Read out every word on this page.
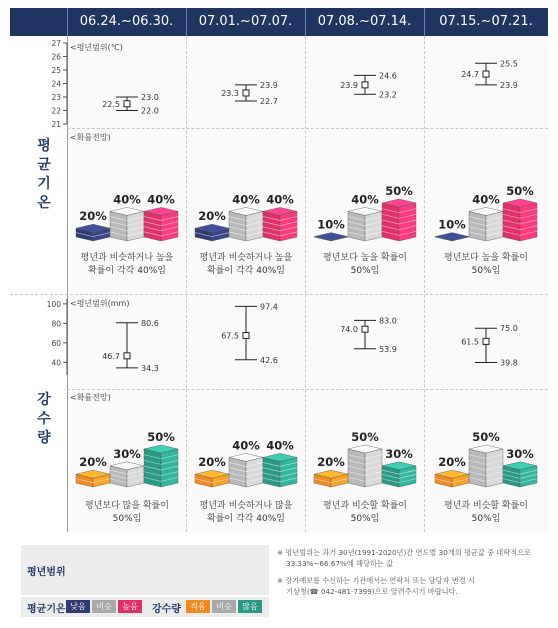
06.24.~06.30.	07.01.~07.07.	07.08.~07.14.	07.15.~07.21.
평
균
기
온
강
수
량
21
22
23
24
25
26
27 <평년범위(℃)
23.0
22.0
22.5
23.9
22.7
23.3
24.6
23.2
23.9
25.5
23.9
24.7
40
60
80
100 <평년범위(mm)
80.6
34.3
46.7
97.4
42.6
67.5
83.0
53.9
74.0	75.0
39.8
61.5
<확률전망)
20%
40% 40%
평년과 비슷하거나 높을
확률이 각각 40%임
20%
40% 40%
평년과 비슷하거나 높을
확률이 각각 40%임
10%
40%
50%
평년보다 높을 확률이
50%임
10%
40%
50%
평년보다 높을 확률이
50%임
<확률전망)
20%
30%
50%
평년보다 많을 확률이
50%임
20%
40% 40%
평년과 비슷하거나 많을
확률이 각각 40%임
20%
50%
30%
평년과 비슷할 확률이
50%임
20%
50%
30%
평년과 비슷할 확률이
50%임
평년범위
평균기온 낮음	비슷	높음	강수량	적음	비슷	많음
※ 평년범위는 과거 30년(1991-2020년)간 연도별 30개의 평균값 중 대략적으로
33.33%~66.67%에 해당하는 값
※ 장기예보를 수신하는 기관에서는 연락처 또는 담당자 변경 시
기상청(☎ 042-481-7399)으로 알려주시기 바랍니다.
